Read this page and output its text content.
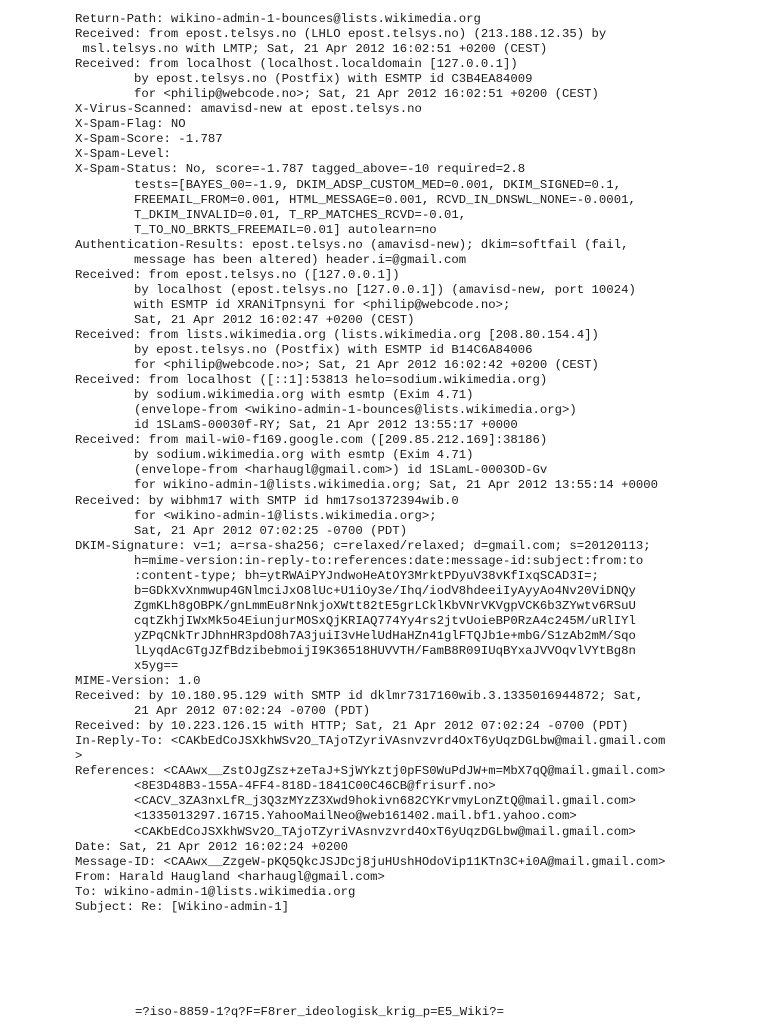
Return-Path: wikino-admin-1-bounces@lists.wikimedia.org
Received: from epost.telsys.no (LHLO epost.telsys.no) (213.188.12.35) by
msl.telsys.no with LMTP; Sat, 21 Apr 2012 16:02:51 +0200 (CEST)
Received: from localhost (localhost.localdomain [127.0.0.1])
by epost.telsys.no (Postfix) with ESMTP id C3B4EA84009
for <philip@webcode.no>; Sat, 21 Apr 2012 16:02:51 +0200 (CEST)
X-Virus-Scanned: amavisd-new at epost.telsys.no
X-Spam-Flag: NO
X-Spam-Score: -1.787
X-Spam-Level:
X-Spam-Status: No, score=-1.787 tagged_above=-10 required=2.8
tests=[BAYES_00=-1.9, DKIM_ADSP_CUSTOM_MED=0.001, DKIM_SIGNED=0.1,
FREEMAIL_FROM=0.001, HTML_MESSAGE=0.001, RCVD_IN_DNSWL_NONE=-0.0001,
T_DKIM_INVALID=0.01, T_RP_MATCHES_RCVD=-0.01,
T_TO_NO_BRKTS_FREEMAIL=0.01] autolearn=no
Authentication-Results: epost.telsys.no (amavisd-new); dkim=softfail (fail,
message has been altered) header.i=@gmail.com
Received: from epost.telsys.no ([127.0.0.1])
by localhost (epost.telsys.no [127.0.0.1]) (amavisd-new, port 10024)
with ESMTP id XRANiTpnsyni for <philip@webcode.no>;
Sat, 21 Apr 2012 16:02:47 +0200 (CEST)
Received: from lists.wikimedia.org (lists.wikimedia.org [208.80.154.4])
by epost.telsys.no (Postfix) with ESMTP id B14C6A84006
for <philip@webcode.no>; Sat, 21 Apr 2012 16:02:42 +0200 (CEST)
Received: from localhost ([::1]:53813 helo=sodium.wikimedia.org)
by sodium.wikimedia.org with esmtp (Exim 4.71)
(envelope-from <wikino-admin-1-bounces@lists.wikimedia.org>)
id 1SLamS-00030f-RY; Sat, 21 Apr 2012 13:55:17 +0000
Received: from mail-wi0-f169.google.com ([209.85.212.169]:38186)
by sodium.wikimedia.org with esmtp (Exim 4.71)
(envelope-from <harhaugl@gmail.com>) id 1SLamL-0003OD-Gv
for wikino-admin-1@lists.wikimedia.org; Sat, 21 Apr 2012 13:55:14 +0000
Received: by wibhm17 with SMTP id hm17so1372394wib.0
for <wikino-admin-1@lists.wikimedia.org>;
Sat, 21 Apr 2012 07:02:25 -0700 (PDT)
DKIM-Signature: v=1; a=rsa-sha256; c=relaxed/relaxed; d=gmail.com; s=20120113;
h=mime-version:in-reply-to:references:date:message-id:subject:from:to
:content-type; bh=ytRWAiPYJndwoHeAtOY3MrktPDyuV38vKfIxqSCAD3I=;
b=GDkXvXnmwup4GNlmciJxO8lUc+U1iOy3e/Ihq/iodV8hdeeiIyAyyAo4Nv20ViDNQy
ZgmKLh8gOBPK/gnLmmEu8rNnkjoXWtt82tE5grLCklKbVNrVKVgpVCK6b3ZYwtv6RSuU
cqtZkhjIWxMk5o4EiunjurMOSxQjKRIAQ774Yy4rs2jtvUoieBP0RzA4c245M/uRlIYl
yZPqCNkTrJDhnHR3pdO8h7A3juiI3vHelUdHaHZn41glFTQJb1e+mbG/S1zAb2mM/Sqo
lLyqdAcGTgJZfBdzibebmoijI9K36518HUVVTH/FamB8R09IUqBYxaJVVOqvlVYtBg8n
x5yg==
MIME-Version: 1.0
Received: by 10.180.95.129 with SMTP id dklmr7317160wib.3.1335016944872; Sat,
21 Apr 2012 07:02:24 -0700 (PDT)
Received: by 10.223.126.15 with HTTP; Sat, 21 Apr 2012 07:02:24 -0700 (PDT)
In-Reply-To: <CAKbEdCoJSXkhWSv2O_TAjoTZyriVAsnvzvrd4OxT6yUqzDGLbw@mail.gmail.com
>
References: <CAAwx__ZstOJgZsz+zeTaJ+SjWYkztj0pFS0WuPdJW+m=MbX7qQ@mail.gmail.com>
<8E3D48B3-155A-4FF4-818D-1841C00C46CB@frisurf.no>
<CACV_3ZA3nxLfR_j3Q3zMYzZ3Xwd9hokivn682CYKrvmyLonZtQ@mail.gmail.com>
<1335013297.16715.YahooMailNeo@web161402.mail.bf1.yahoo.com>
<CAKbEdCoJSXkhWSv2O_TAjoTZyriVAsnvzvrd4OxT6yUqzDGLbw@mail.gmail.com>
Date: Sat, 21 Apr 2012 16:02:24 +0200
Message-ID: <CAAwx__ZzgeW-pKQ5QkcJSJDcj8juHUshHOdoVip11KTn3C+i0A@mail.gmail.com>
From: Harald Haugland <harhaugl@gmail.com>
To: wikino-admin-1@lists.wikimedia.org
Subject: Re: [Wikino-admin-1]
=?iso-8859-1?q?F=F8rer_ideologisk_krig_p=E5_Wiki?=
